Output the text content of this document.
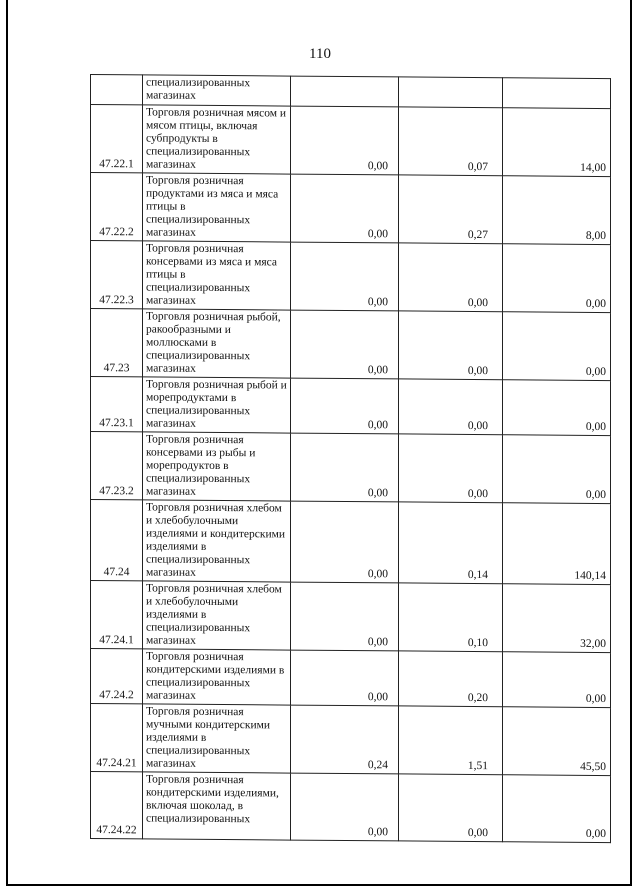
110
	специализированных магазинах			
47.22.1	Торговля розничная мясом и мясом птицы, включая субпродукты в специализированных магазинах	0,00	0,07	14,00
47.22.2	Торговля розничная продуктами из мяса и мяса птицы в специализированных магазинах	0,00	0,27	8,00
47.22.3	Торговля розничная консервами из мяса и мяса птицы в специализированных магазинах	0,00	0,00	0,00
47.23	Торговля розничная рыбой, ракообразными и моллюсками в специализированных магазинах	0,00	0,00	0,00
47.23.1	Торговля розничная рыбой и морепродуктами в специализированных магазинах	0,00	0,00	0,00
47.23.2	Торговля розничная консервами из рыбы и морепродуктов в специализированных магазинах	0,00	0,00	0,00
47.24	Торговля розничная хлебом и хлебобулочными изделиями и кондитерскими изделиями в специализированных магазинах	0,00	0,14	140,14
47.24.1	Торговля розничная хлебом и хлебобулочными изделиями в специализированных магазинах	0,00	0,10	32,00
47.24.2	Торговля розничная кондитерскими изделиями в специализированных магазинах	0,00	0,20	0,00
47.24.21	Торговля розничная мучными кондитерскими изделиями в специализированных магазинах	0,24	1,51	45,50
47.24.22	Торговля розничная кондитерскими изделиями, включая шоколад, в специализированных	0,00	0,00	0,00
